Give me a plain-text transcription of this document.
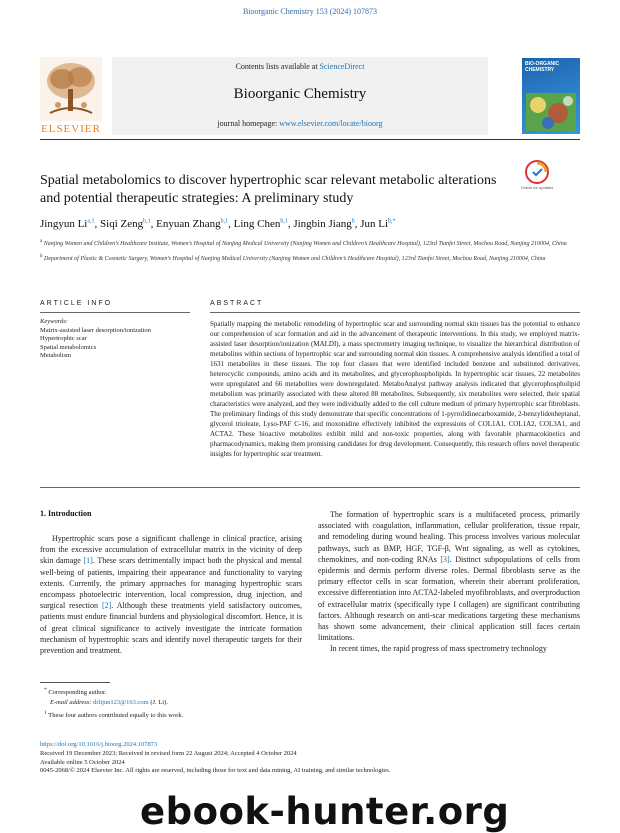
Bioorganic Chemistry 153 (2024) 107873
ELSEVIER
Contents lists available at ScienceDirect
Bioorganic Chemistry
journal homepage: www.elsevier.com/locate/bioorg
BIO-ORGANIC CHEMISTRY
Spatial metabolomics to discover hypertrophic scar relevant metabolic alterations and potential therapeutic strategies: A preliminary study
Check for updates
Jingyun Li$^{a,1}$, Siqi Zeng$^{b,1}$, Enyuan Zhang$^{b,1}$, Ling Chen$^{b,1}$, Jingbin Jiang$^b$, Jun $Li^{b,*}$
$^a$ Nanjing Women and Children’s Healthcare Institute, Women’s Hospital of Nanjing Medical University (Nanjing Women and Children’s Healthcare Hospital), 123rd Tianfei Street, Mochou Road, Nanjing 210004, China
$^b$ Department of Plastic & Cosmetic Surgery, Women’s Hospital of Nanjing Medical University (Nanjing Women and Children’s Healthcare Hospital), 123rd Tianfei Street, Mochou Road, Nanjing 210004, China
ARTICLE INFO	ABSTRACT
Keywords:
Matrix-assisted laser desorption/ionization
Hypertrophic scar
Spatial metabolomics
Metabolism
Spatially mapping the metabolic remodeling of hypertrophic scar and surrounding normal skin tissues has the potential to enhance our comprehension of scar formation and aid in the advancement of therapeutic interventions. In this study, we employed matrix-assisted laser desorption/ionization (MALDI), a mass spectrometry imaging technique, to visualize the hierarchical distribution of metabolites within sections of hypertrophic scar and surrounding normal skin tissues. A comprehensive analysis identified a total of 1631 metabolites in these tissues. The top four classes that were identified included benzene and substituted derivatives, heterocyclic compounds, amino acids and its metabolites, and glycerophospholipids. In hypertrophic scar tissues, 22 metabolites were upregulated and 66 metabolites were downregulated. MetaboAnalyst pathway analysis indicated that glycerophospholipid metabolism was primarily associated with these altered 88 metabolites. Subsequently, six metabolites were selected, their spatial characteristics were analyzed, and they were individually added to the cell culture medium of primary hypertrophic scar fibroblasts. The preliminary findings of this study demonstrate that specific concentrations of 1-pyrrolidinecarboxamide, 2-benzylidenheptanal, glycerol trioleate, Lyso-PAF C-16, and moxonidine effectively inhibited the expressions of COL1A1, COL1A2, COL3A1, and ACTA2. These bioactive metabolites exhibit mild and non-toxic properties, along with favorable pharmacokinetics and pharmacodynamics, making them promising candidates for drug development. Consequently, this research offers novel therapeutic insights for hypertrophic scar treatment.
1. Introduction

Hypertrophic scars pose a significant challenge in clinical practice, arising from the excessive accumulation of extracellular matrix in the vicinity of deep skin damage [1]. These scars detrimentally impact both the physical and mental well-being of patients, impairing their appearance and functionality to varying extents. Currently, the primary approaches for managing hypertrophic scars encompass photoelectric intervention, local compression, drug injection, and surgical resection [2]. Although these treatments yield satisfactory outcomes, patients must endure financial burdens and physiological discomfort. Hence, it is of great clinical significance to actively investigate the intricate formation mechanism of hypertrophic scars and identify novel therapeutic targets for their prevention and treatment.

The formation of hypertrophic scars is a multifaceted process, primarily associated with coagulation, inflammation, cellular proliferation, tissue repair, and remodeling during wound healing. This process involves various molecular pathways, such as BMP, HGF, TGF-β, Wnt signaling, as well as cytokines, chemokines, and non-coding RNAs [3]. Distinct subpopulations of cells from epidermis and dermis perform diverse roles. Dermal fibroblasts serve as the primary effector cells in scar formation, wherein their aberrant proliferation, excessive differentiation into ACTA2-labeled myofibroblasts, and overproduction of extracellular matrix (specifically type I collagen) are significant contributing factors. Although research on anti-scar medications targeting these mechanisms has shown some advancement, their clinical application still faces certain limitations.

In recent times, the rapid progress of mass spectrometry technology

* Corresponding author.
E-mail address: drlijun123@163.com (J. Li).
$^1$ These four authors contributed equally to this work.
https://doi.org/10.1016/j.bioorg.2024.107873
Received 19 December 2023; Received in revised form 22 August 2024; Accepted 4 October 2024
Available online 5 October 2024
0045-2068/© 2024 Elsevier Inc. All rights are reserved, including those for text and data mining, AI training, and similar technologies.
ebook-hunter.org
